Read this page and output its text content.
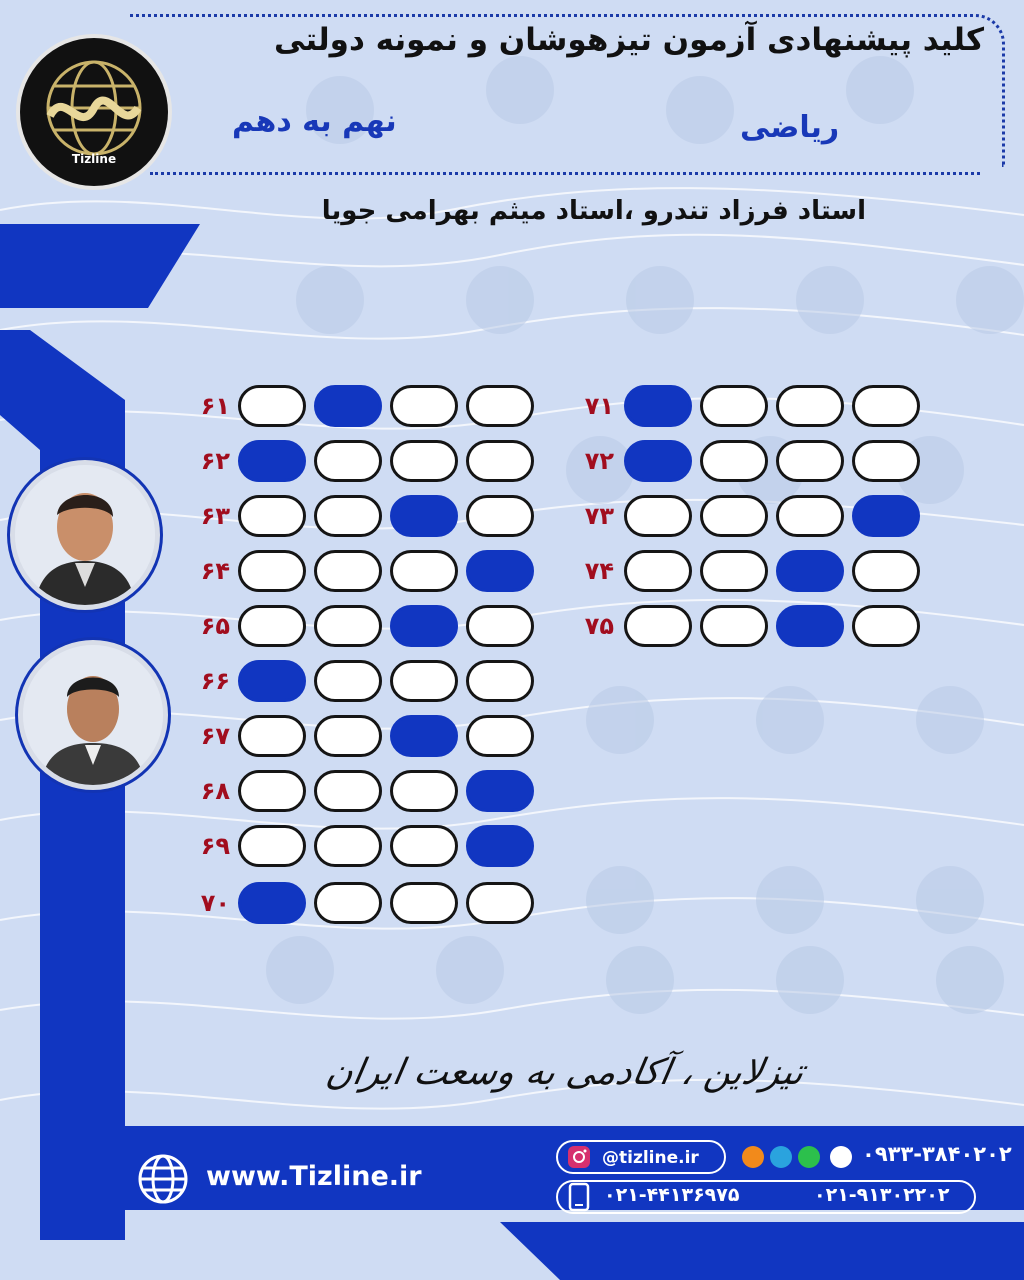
کلید پیشنهادی آزمون تیزهوشان و نمونه دولتی
ریاضی
نهم به دهم
استاد فرزاد تندرو ،استاد میثم بهرامی جویا
Tizline
۶۱
۶۲
۶۳
۶۴
۶۵
۶۶
۶۷
۶۸
۶۹
۷۰
۷۱
۷۲
۷۳
۷۴
۷۵
تیزلاین ، آکادمی به وسعت ایران
www.Tizline.ir
@tizline.ir	۰۹۳۳-۳۸۴۰۲۰۲
۰۲۱-۴۴۱۳۶۹۷۵	۰۲۱-۹۱۳۰۲۲۰۲
